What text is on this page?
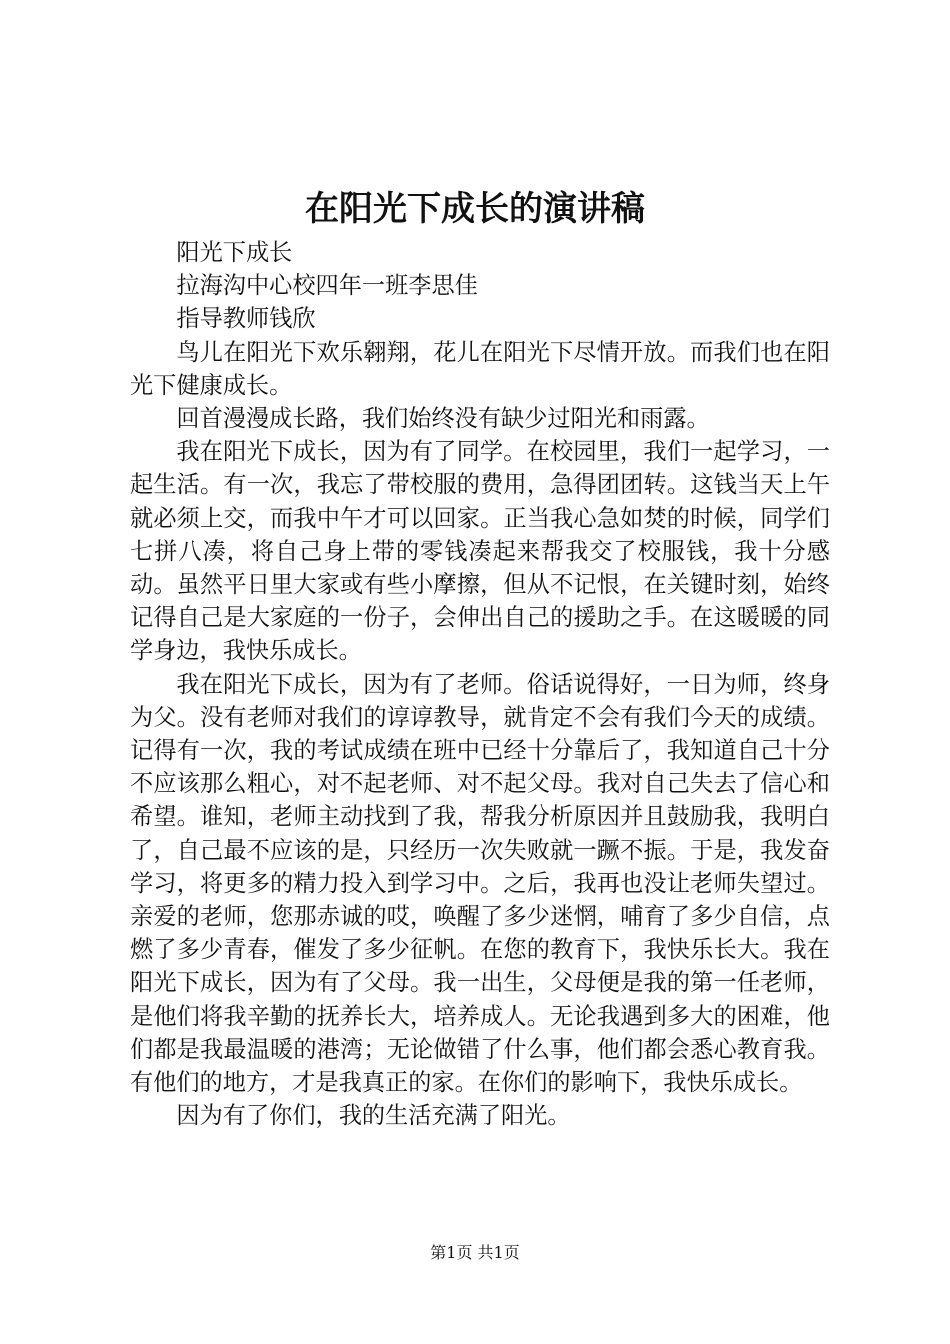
在阳光下成长的演讲稿

阳光下成长

拉海沟中心校四年一班李思佳

指导教师钱欣

鸟儿在阳光下欢乐翱翔，花儿在阳光下尽情开放。而我们也在阳光下健康成长。

回首漫漫成长路，我们始终没有缺少过阳光和雨露。

我在阳光下成长，因为有了同学。在校园里，我们一起学习，一起生活。有一次，我忘了带校服的费用，急得团团转。这钱当天上午就必须上交，而我中午才可以回家。正当我心急如焚的时候，同学们七拼八凑，将自己身上带的零钱凑起来帮我交了校服钱，我十分感动。虽然平日里大家或有些小摩擦，但从不记恨，在关键时刻，始终记得自己是大家庭的一份子，会伸出自己的援助之手。在这暖暖的同学身边，我快乐成长。

我在阳光下成长，因为有了老师。俗话说得好，一日为师，终身为父。没有老师对我们的谆谆教导，就肯定不会有我们今天的成绩。记得有一次，我的考试成绩在班中已经十分靠后了，我知道自己十分不应该那么粗心，对不起老师、对不起父母。我对自己失去了信心和希望。谁知，老师主动找到了我，帮我分析原因并且鼓励我，我明白了，自己最不应该的是，只经历一次失败就一蹶不振。于是，我发奋学习，将更多的精力投入到学习中。之后，我再也没让老师失望过。亲爱的老师，您那赤诚的哎，唤醒了多少迷惘，哺育了多少自信，点燃了多少青春，催发了多少征帆。在您的教育下，我快乐长大。我在阳光下成长，因为有了父母。我一出生，父母便是我的第一任老师，是他们将我辛勤的抚养长大，培养成人。无论我遇到多大的困难，他们都是我最温暖的港湾；无论做错了什么事，他们都会悉心教育我。有他们的地方，才是我真正的家。在你们的影响下，我快乐成长。

因为有了你们，我的生活充满了阳光。

第1页 共1页
